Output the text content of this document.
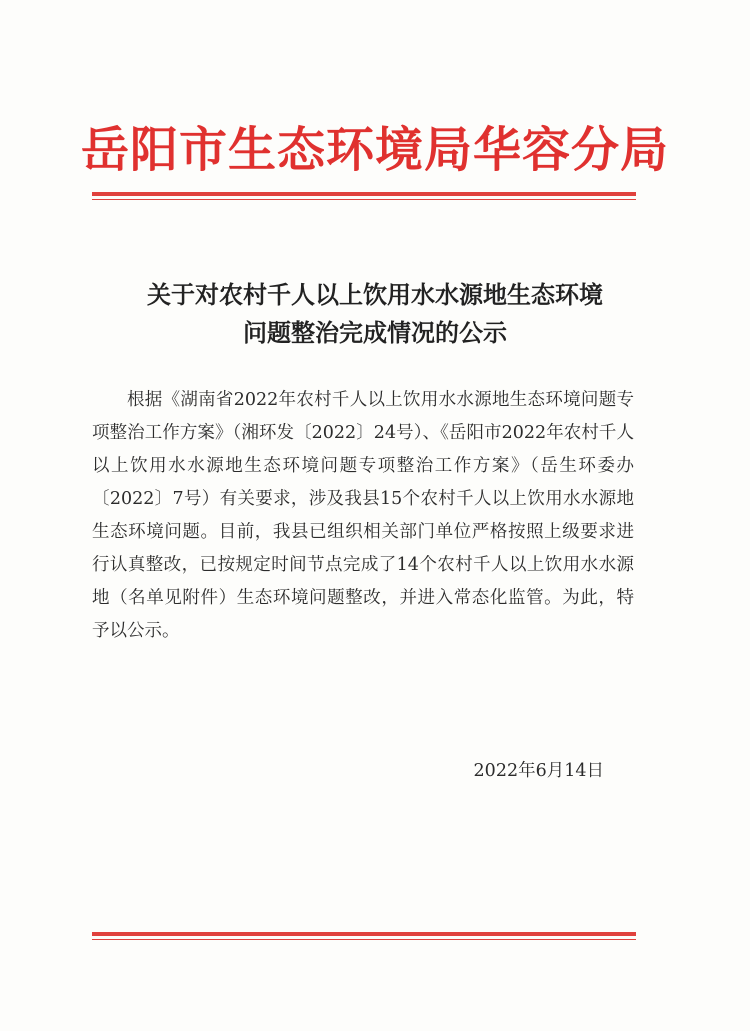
岳阳市生态环境局华容分局
关于对农村千人以上饮用水水源地生态环境
问题整治完成情况的公示
根据《湖南省2022年农村千人以上饮用水水源地生态环境问题专项整治工作方案》（湘环发〔2022〕24号）、《岳阳市2022年农村千人以上饮用水水源地生态环境问题专项整治工作方案》（岳生环委办〔2022〕7号）有关要求，涉及我县15个农村千人以上饮用水水源地生态环境问题。目前，我县已组织相关部门单位严格按照上级要求进行认真整改，已按规定时间节点完成了14个农村千人以上饮用水水源地（名单见附件）生态环境问题整改，并进入常态化监管。为此，特予以公示。
2022年6月14日
